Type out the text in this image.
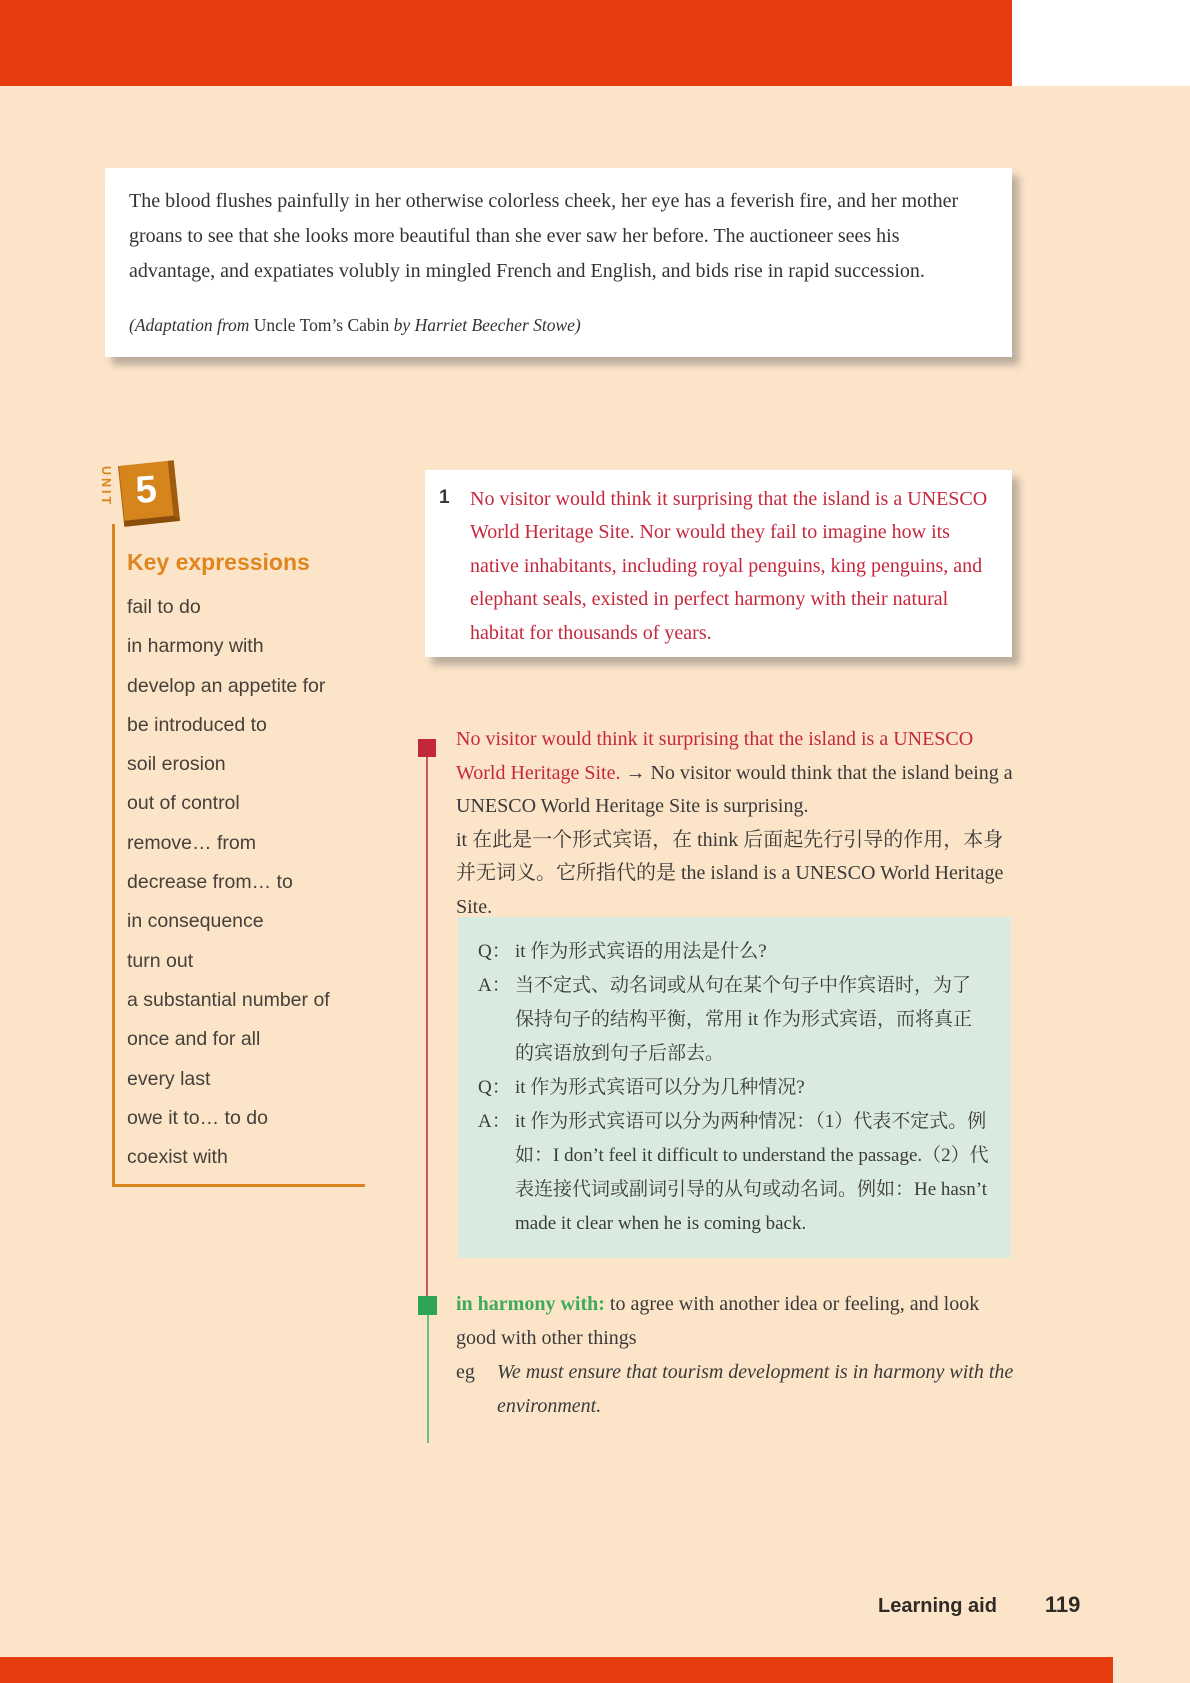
The blood flushes painfully in her otherwise colorless cheek, her eye has a feverish fire, and her mother groans to see that she looks more beautiful than she ever saw her before. The auctioneer sees his advantage, and expatiates volubly in mingled French and English, and bids rise in rapid succession.
(Adaptation from Uncle Tom’s Cabin by Harriet Beecher Stowe)
UNIT 5
Key expressions
fail to do
in harmony with
develop an appetite for
be introduced to
soil erosion
out of control
remove… from
decrease from… to
in consequence
turn out
a substantial number of
once and for all
every last
owe it to… to do
coexist with
1	No visitor would think it surprising that the island is a UNESCO World Heritage Site. Nor would they fail to imagine how its native inhabitants, including royal penguins, king penguins, and elephant seals, existed in perfect harmony with their natural habitat for thousands of years.
No visitor would think it surprising that the island is a UNESCO World Heritage Site. → No visitor would think that the island being a UNESCO World Heritage Site is surprising.
it 在此是一个形式宾语，在 think 后面起先行引导的作用，本身并无词义。它所指代的是 the island is a UNESCO World Heritage Site.
Q： it 作为形式宾语的用法是什么?
A： 当不定式、动名词或从句在某个句子中作宾语时，为了保持句子的结构平衡，常用 it 作为形式宾语，而将真正的宾语放到句子后部去。
Q： it 作为形式宾语可以分为几种情况?
A： it 作为形式宾语可以分为两种情况：（1）代表不定式。例如：I don’t feel it difficult to understand the passage.（2）代表连接代词或副词引导的从句或动名词。例如：He hasn’t made it clear when he is coming back.
in harmony with: to agree with another idea or feeling, and look good with other things
eg	We must ensure that tourism development is in harmony with the environment.
Learning aid 119
